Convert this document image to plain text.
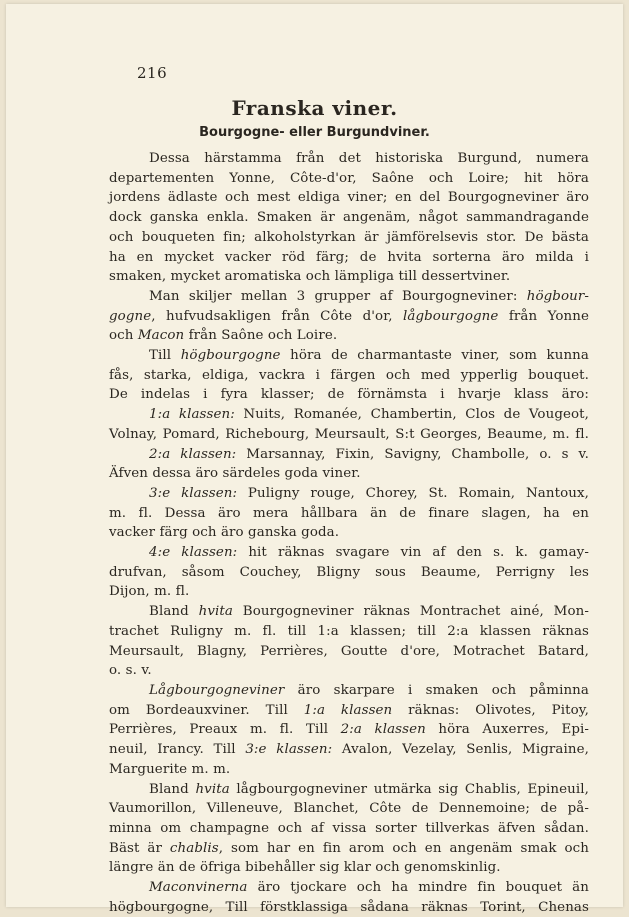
216
Franska viner.
Bourgogne- eller Burgundviner.
Dessa härstamma från det historiska Burgund, numera
departementen Yonne, Côte-d'or, Saône och Loire; hit höra
jordens ädlaste och mest eldiga viner; en del Bourgogneviner äro
dock ganska enkla. Smaken är angenäm, något sammandragande
och bouqueten fin; alkoholstyrkan är jämförelsevis stor. De bästa
ha en mycket vacker röd färg; de hvita sorterna äro milda i
smaken, mycket aromatiska och lämpliga till dessertviner.
Man skiljer mellan 3 grupper af Bourgogneviner: högbour-
gogne, hufvudsakligen från Côte d'or, lågbourgogne från Yonne
och Macon från Saône och Loire.
Till högbourgogne höra de charmantaste viner, som kunna
fås, starka, eldiga, vackra i färgen och med ypperlig bouquet.
De indelas i fyra klasser; de förnämsta i hvarje klass äro:
1:a klassen: Nuits, Romanée, Chambertin, Clos de Vougeot,
Volnay, Pomard, Richebourg, Meursault, S:t Georges, Beaume, m. fl.
2:a klassen: Marsannay, Fixin, Savigny, Chambolle, o. s v.
Äfven dessa äro särdeles goda viner.
3:e klassen: Puligny rouge, Chorey, St. Romain, Nantoux,
m. fl. Dessa äro mera hållbara än de finare slagen, ha en
vacker färg och äro ganska goda.
4:e klassen: hit räknas svagare vin af den s. k. gamay-
drufvan, såsom Couchey, Bligny sous Beaume, Perrigny les
Dijon, m. fl.
Bland hvita Bourgogneviner räknas Montrachet ainé, Mon-
trachet Ruligny m. fl. till 1:a klassen; till 2:a klassen räknas
Meursault, Blagny, Perrières, Goutte d'ore, Motrachet Batard,
o. s. v.
Lågbourgogneviner äro skarpare i smaken och påminna
om Bordeauxviner. Till 1:a klassen räknas: Olivotes, Pitoy,
Perrières, Preaux m. fl. Till 2:a klassen höra Auxerres, Epi-
neuil, Irancy. Till 3:e klassen: Avalon, Vezelay, Senlis, Migraine,
Marguerite m. m.
Bland hvita lågbourgogneviner utmärka sig Chablis, Epineuil,
Vaumorillon, Villeneuve, Blanchet, Côte de Dennemoine; de på-
minna om champagne och af vissa sorter tillverkas äfven sådan.
Bäst är chablis, som har en fin arom och en angenäm smak och
längre än de öfriga bibehåller sig klar och genomskinlig.
Maconvinerna äro tjockare och ha mindre fin bouquet än
högbourgogne, Till förstklassiga sådana räknas Torint, Chenas
